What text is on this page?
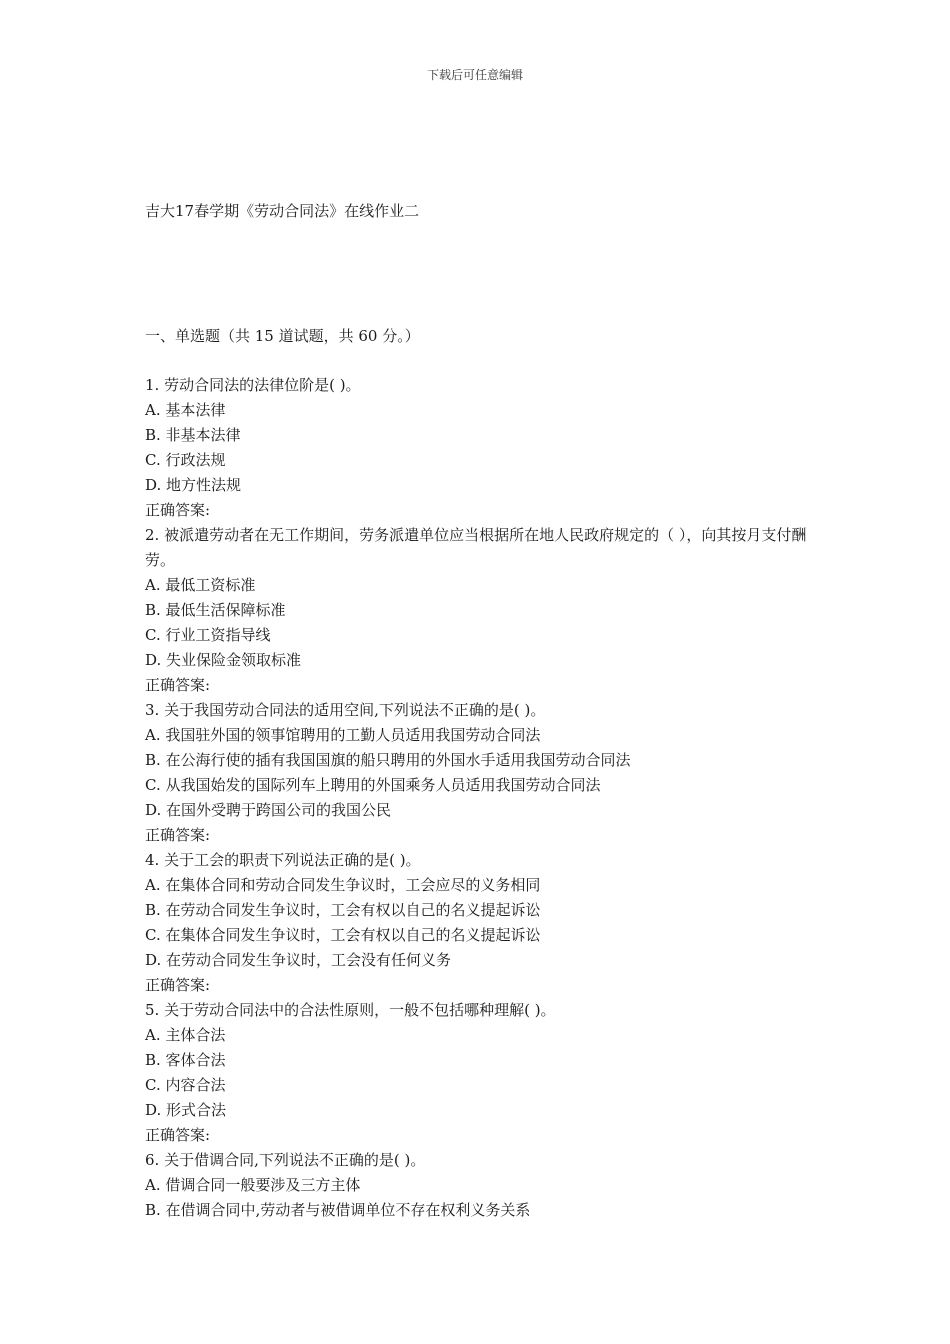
下载后可任意编辑
吉大17春学期《劳动合同法》在线作业二
一、单选题（共 15 道试题，共 60 分。）
1. 劳动合同法的法律位阶是( )。
A. 基本法律
B. 非基本法律
C. 行政法规
D. 地方性法规
正确答案:
2. 被派遣劳动者在无工作期间，劳务派遣单位应当根据所在地人民政府规定的（ ），向其按月支付酬劳。
A. 最低工资标准
B. 最低生活保障标准
C. 行业工资指导线
D. 失业保险金领取标准
正确答案:
3. 关于我国劳动合同法的适用空间,下列说法不正确的是( )。
A. 我国驻外国的领事馆聘用的工勤人员适用我国劳动合同法
B. 在公海行使的插有我国国旗的船只聘用的外国水手适用我国劳动合同法
C. 从我国始发的国际列车上聘用的外国乘务人员适用我国劳动合同法
D. 在国外受聘于跨国公司的我国公民
正确答案:
4. 关于工会的职责下列说法正确的是( )。
A. 在集体合同和劳动合同发生争议时，工会应尽的义务相同
B. 在劳动合同发生争议时，工会有权以自己的名义提起诉讼
C. 在集体合同发生争议时，工会有权以自己的名义提起诉讼
D. 在劳动合同发生争议时，工会没有任何义务
正确答案:
5. 关于劳动合同法中的合法性原则，一般不包括哪种理解( )。
A. 主体合法
B. 客体合法
C. 内容合法
D. 形式合法
正确答案:
6. 关于借调合同,下列说法不正确的是( )。
A. 借调合同一般要涉及三方主体
B. 在借调合同中,劳动者与被借调单位不存在权利义务关系
